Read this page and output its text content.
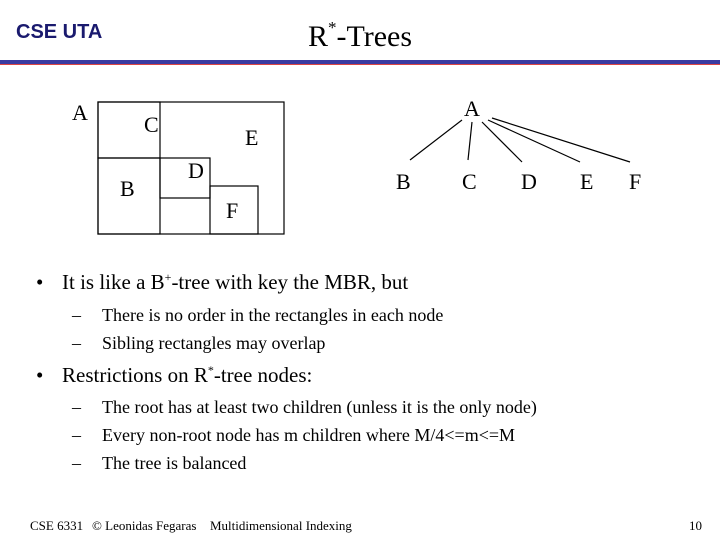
CSE UTA	R*-Trees
A	C
E
D
B
F
A
B C D E F
• It is like a B+-tree with key the MBR, but
– There is no order in the rectangles in each node
– Sibling rectangles may overlap
• Restrictions on R*-tree nodes:
– The root has at least two children (unless it is the only node)
– Every non-root node has m children where M/4<=m<=M
– The tree is balanced
CSE 6331 © Leonidas Fegaras Multidimensional Indexing	10
